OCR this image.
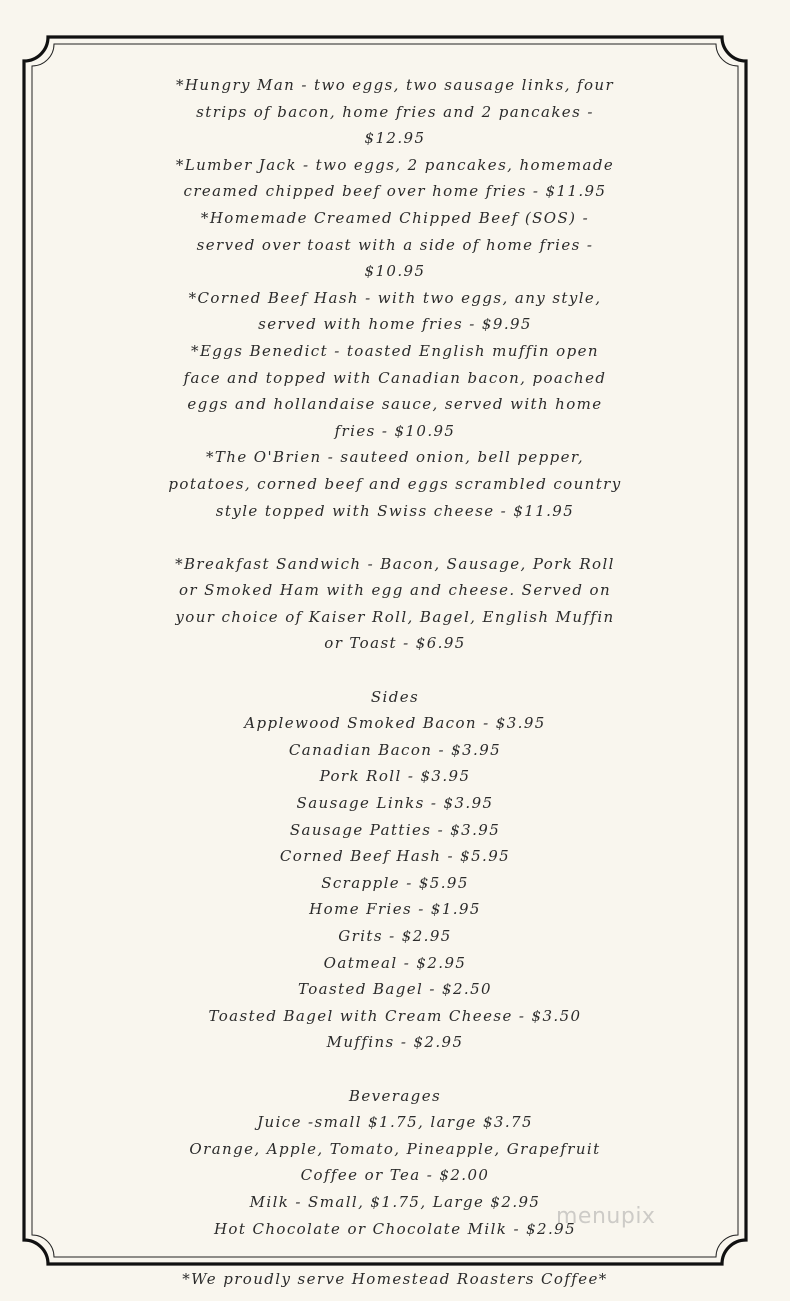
*Hungry Man - two eggs, two sausage links, four
strips of bacon, home fries and 2 pancakes -
$12.95
*Lumber Jack - two eggs, 2 pancakes, homemade
creamed chipped beef over home fries - $11.95
*Homemade Creamed Chipped Beef (SOS) -
served over toast with a side of home fries -
$10.95
*Corned Beef Hash - with two eggs, any style,
served with home fries - $9.95
*Eggs Benedict - toasted English muffin open
face and topped with Canadian bacon, poached
eggs and hollandaise sauce, served with home
fries - $10.95
*The O'Brien - sauteed onion, bell pepper,
potatoes, corned beef and eggs scrambled country
style topped with Swiss cheese - $11.95
*Breakfast Sandwich - Bacon, Sausage, Pork Roll
or Smoked Ham with egg and cheese. Served on
your choice of Kaiser Roll, Bagel, English Muffin
or Toast - $6.95
Sides
Applewood Smoked Bacon - $3.95
Canadian Bacon - $3.95
Pork Roll - $3.95
Sausage Links - $3.95
Sausage Patties - $3.95
Corned Beef Hash - $5.95
Scrapple - $5.95
Home Fries - $1.95
Grits - $2.95
Oatmeal - $2.95
Toasted Bagel - $2.50
Toasted Bagel with Cream Cheese - $3.50
Muffins - $2.95
Beverages
Juice -small $1.75, large $3.75
Orange, Apple, Tomato, Pineapple, Grapefruit
Coffee or Tea - $2.00
Milk - Small, $1.75, Large $2.95
Hot Chocolate or Chocolate Milk - $2.95
menupix
*We proudly serve Homestead Roasters Coffee*
